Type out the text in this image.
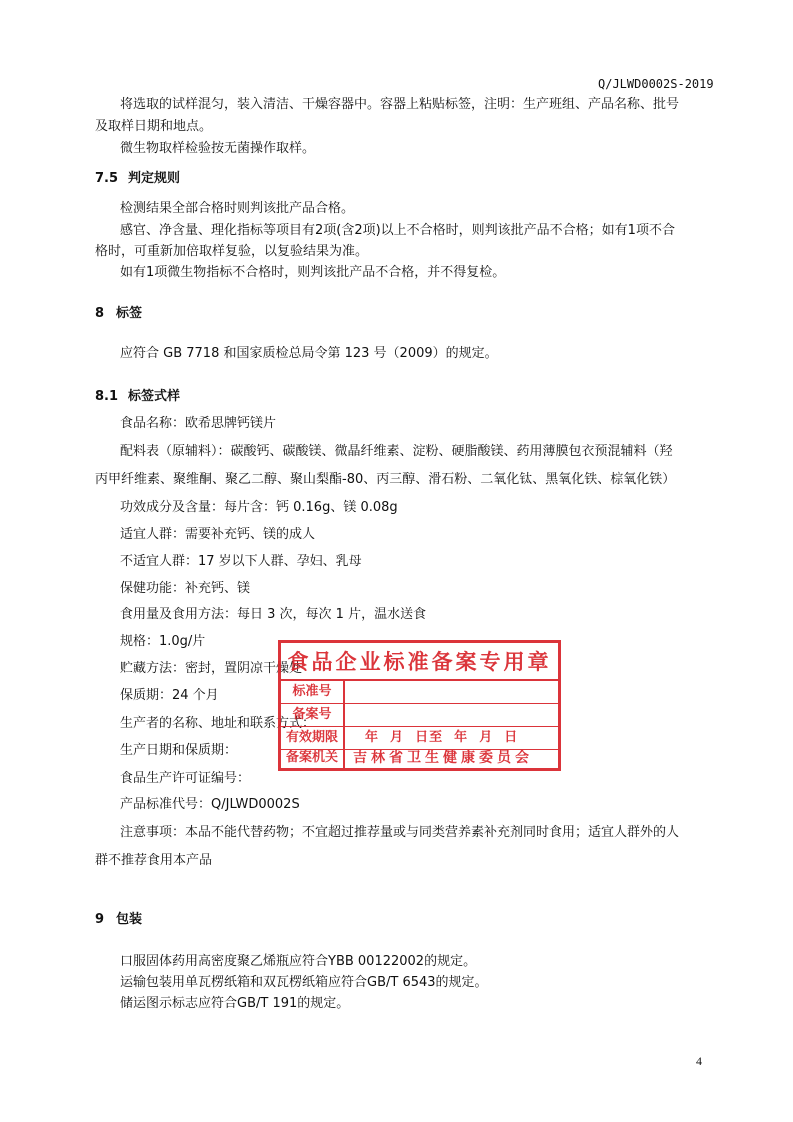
Q/JLWD0002S-2019
将选取的试样混匀，装入清洁、干燥容器中。容器上粘贴标签，注明：生产班组、产品名称、批号
及取样日期和地点。
微生物取样检验按无菌操作取样。
7.5 判定规则
检测结果全部合格时则判该批产品合格。
感官、净含量、理化指标等项目有2项(含2项)以上不合格时，则判该批产品不合格；如有1项不合
格时，可重新加倍取样复验，以复验结果为准。
如有1项微生物指标不合格时，则判该批产品不合格，并不得复检。
8 标签
应符合 GB 7718 和国家质检总局令第 123 号（2009）的规定。
8.1 标签式样
食品名称：欧希思牌钙镁片
配料表（原辅料）：碳酸钙、碳酸镁、微晶纤维素、淀粉、硬脂酸镁、药用薄膜包衣预混辅料（羟
丙甲纤维素、聚维酮、聚乙二醇、聚山梨酯-80、丙三醇、滑石粉、二氧化钛、黑氧化铁、棕氧化铁）
功效成分及含量：每片含：钙 0.16g、镁 0.08g
适宜人群：需要补充钙、镁的成人
不适宜人群：17 岁以下人群、孕妇、乳母
保健功能：补充钙、镁
食用量及食用方法：每日 3 次，每次 1 片，温水送食
规格：1.0g/片
贮藏方法：密封，置阴凉干燥处
保质期：24 个月
生产者的名称、地址和联系方式：
生产日期和保质期：
食品生产许可证编号：
产品标准代号：Q/JLWD0002S
注意事项：本品不能代替药物；不宜超过推荐量或与同类营养素补充剂同时食用；适宜人群外的人
群不推荐食用本产品
食品企业标准备案专用章
标准号
备案号
有效期限	年  月  日至  年  月  日
备案机关	吉林省卫生健康委员会
9 包装
口服固体药用高密度聚乙烯瓶应符合YBB 00122002的规定。
运输包装用单瓦楞纸箱和双瓦楞纸箱应符合GB/T 6543的规定。
储运图示标志应符合GB/T 191的规定。
4
